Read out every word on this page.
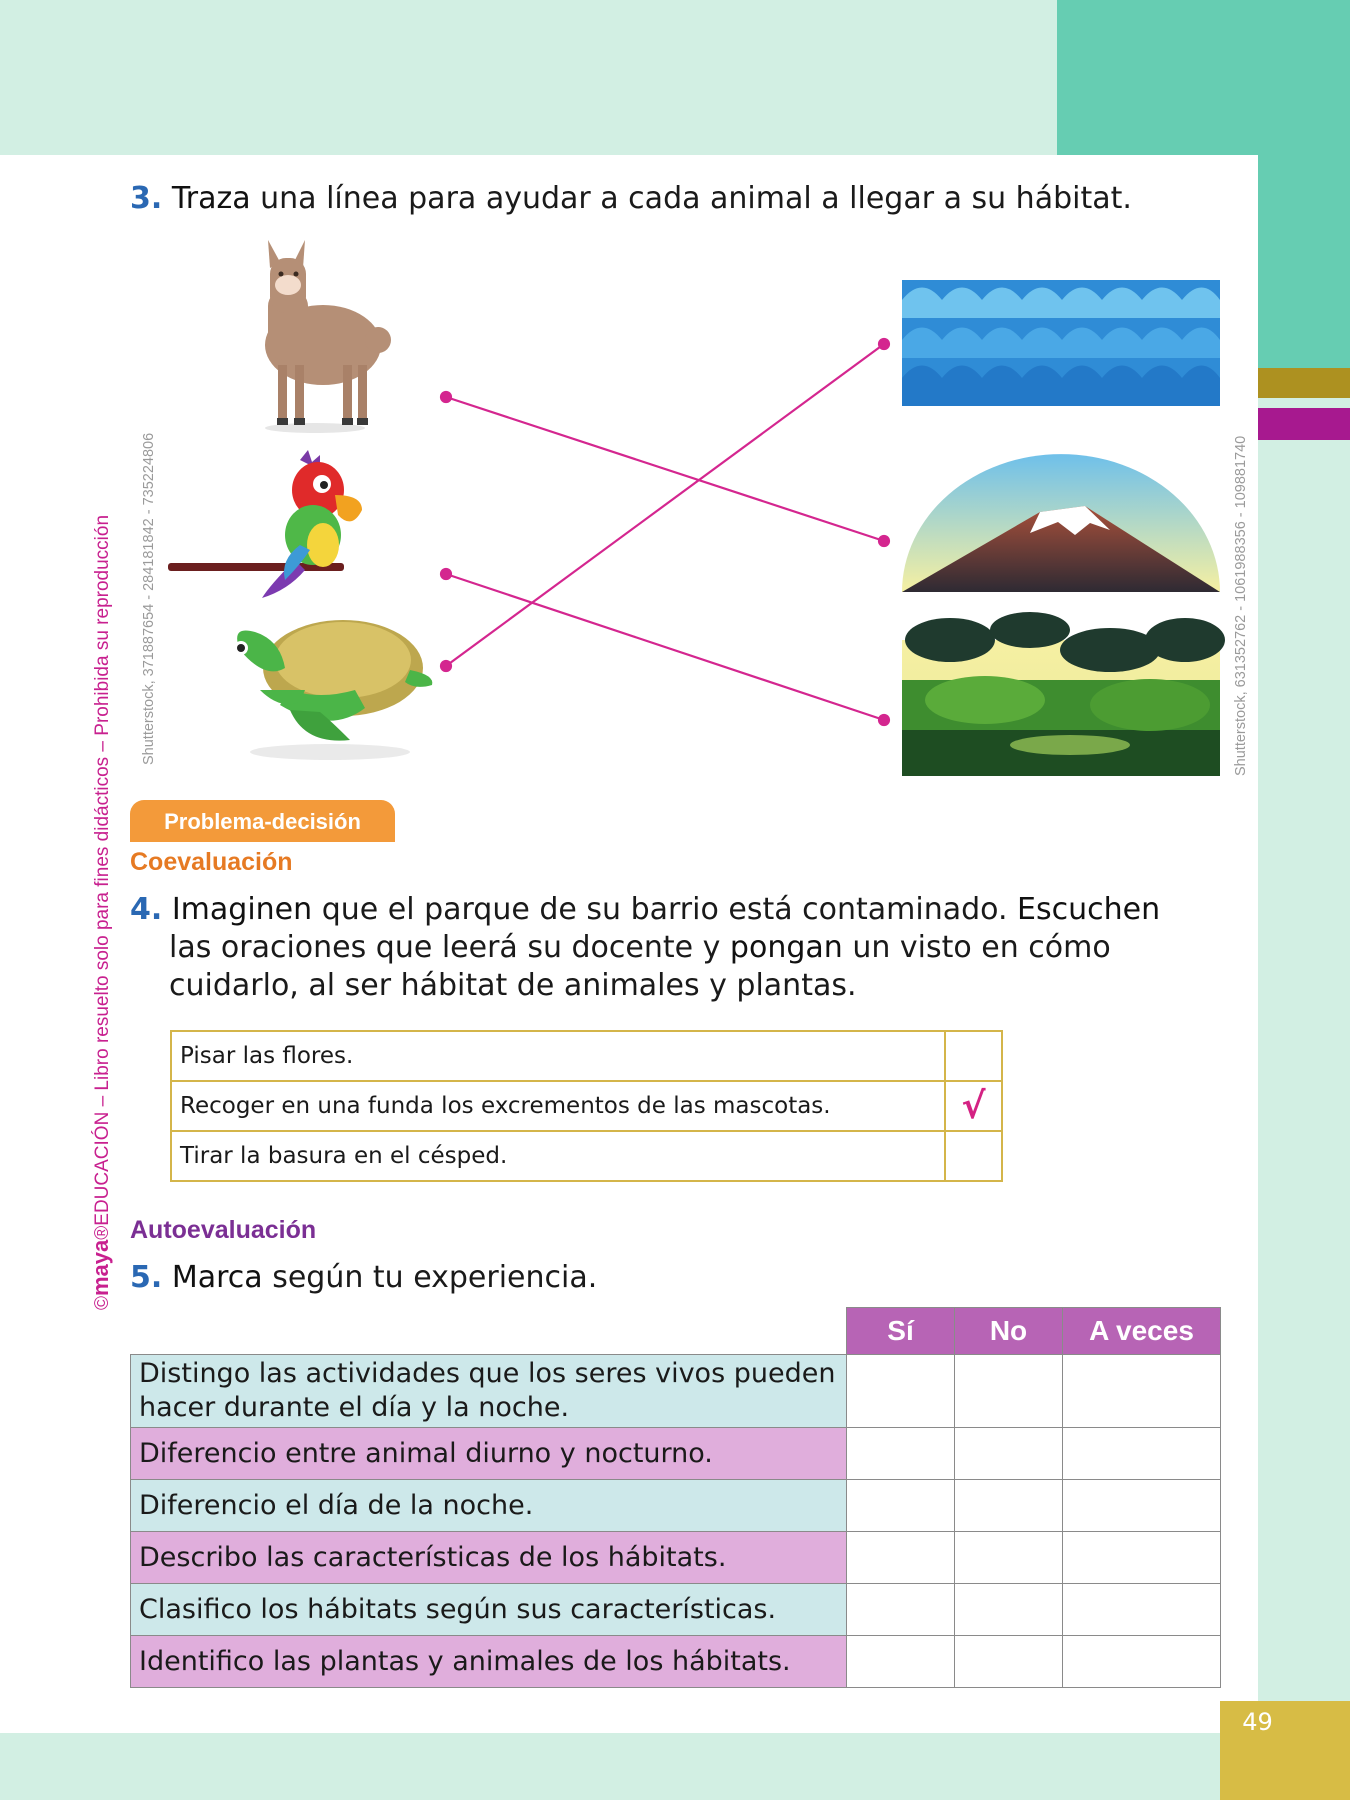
©maya®EDUCACIÓN – Libro resuelto solo para fines didácticos – Prohibida su reproducción Shutterstock, 371887654 - 284181842 - 735224806	Shutterstock, 631352762 - 1061988356 - 109881740
3. Traza una línea para ayudar a cada animal a llegar a su hábitat.
Problema-decisión
Coevaluación
4. Imaginen que el parque de su barrio está contaminado. Escuchen
las oraciones que leerá su docente y pongan un visto en cómo
cuidarlo, al ser hábitat de animales y plantas.
Pisar las flores.	
Recoger en una funda los excrementos de las mascotas.	√
Tirar la basura en el césped.	
Autoevaluación
5. Marca según tu experiencia.
	Sí	No	A veces
Distingo las actividades que los seres vivos pueden hacer durante el día y la noche.			
Diferencio entre animal diurno y nocturno.			
Diferencio el día de la noche.			
Describo las características de los hábitats.			
Clasifico los hábitats según sus características.			
Identifico las plantas y animales de los hábitats.			
49
